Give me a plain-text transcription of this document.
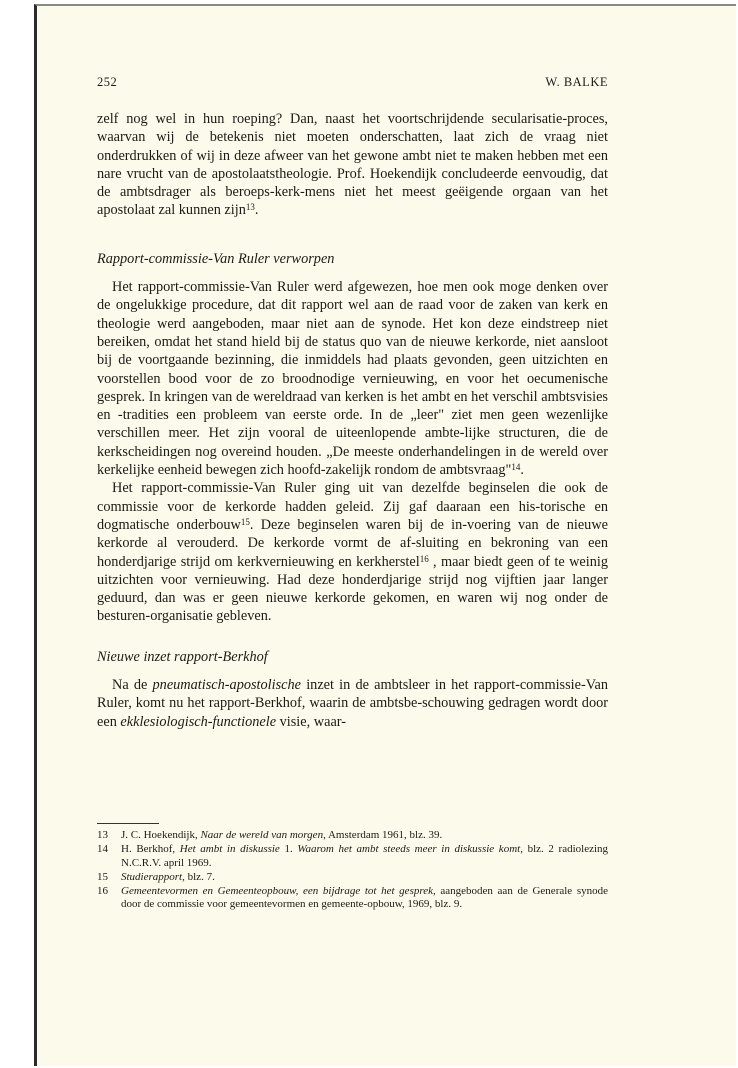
252	W. BALKE

zelf nog wel in hun roeping? Dan, naast het voortschrijdende secularisatie-proces, waarvan wij de betekenis niet moeten onderschatten, laat zich de vraag niet onderdrukken of wij in deze afweer van het gewone ambt niet te maken hebben met een nare vrucht van de apostolaatstheologie. Prof. Hoekendijk concludeerde eenvoudig, dat de ambtsdrager als beroeps-kerk-mens niet het meest geëigende orgaan van het apostolaat zal kunnen zijn$^{13}$.

Rapport-commissie-Van Ruler verworpen

Het rapport-commissie-Van Ruler werd afgewezen, hoe men ook moge denken over de ongelukkige procedure, dat dit rapport wel aan de raad voor de zaken van kerk en theologie werd aangeboden, maar niet aan de synode. Het kon deze eindstreep niet bereiken, omdat het stand hield bij de status quo van de nieuwe kerkorde, niet aansloot bij de voortgaande bezinning, die inmiddels had plaats gevonden, geen uitzichten en voorstellen bood voor de zo broodnodige vernieuwing, en voor het oecumenische gesprek. In kringen van de wereldraad van kerken is het ambt en het verschil ambtsvisies en -tradities een probleem van eerste orde. In de „leer" ziet men geen wezenlijke verschillen meer. Het zijn vooral de uiteenlopende ambte-lijke structuren, die de kerkscheidingen nog overeind houden. „De meeste onderhandelingen in de wereld over kerkelijke eenheid bewegen zich hoofd-zakelijk rondom de ambtsvraag"$^{14}$.

Het rapport-commissie-Van Ruler ging uit van dezelfde beginselen die ook de commissie voor de kerkorde hadden geleid. Zij gaf daaraan een his-torische en dogmatische onderbouw$^{15}$. Deze beginselen waren bij de in-voering van de nieuwe kerkorde al verouderd. De kerkorde vormt de af-sluiting en bekroning van een honderdjarige strijd om kerkvernieuwing en kerkherstel$^{16}$ , maar biedt geen of te weinig uitzichten voor vernieuwing. Had deze honderdjarige strijd nog vijftien jaar langer geduurd, dan was er geen nieuwe kerkorde gekomen, en waren wij nog onder de besturen-organisatie gebleven.

Nieuwe inzet rapport-Berkhof

Na de pneumatisch-apostolische inzet in de ambtsleer in het rapport-commissie-Van Ruler, komt nu het rapport-Berkhof, waarin de ambtsbe-schouwing gedragen wordt door een ekklesiologisch-functionele visie, waar-

13	J. C. Hoekendijk, Naar de wereld van morgen, Amsterdam 1961, blz. 39.
14	H. Berkhof, Het ambt in diskussie 1. Waarom het ambt steeds meer in diskussie komt, blz. 2 radiolezing N.C.R.V. april 1969.
15	Studierapport, blz. 7.
16	Gemeentevormen en Gemeenteopbouw, een bijdrage tot het gesprek, aangeboden aan de Generale synode door de commissie voor gemeentevormen en gemeente-opbouw, 1969, blz. 9.
